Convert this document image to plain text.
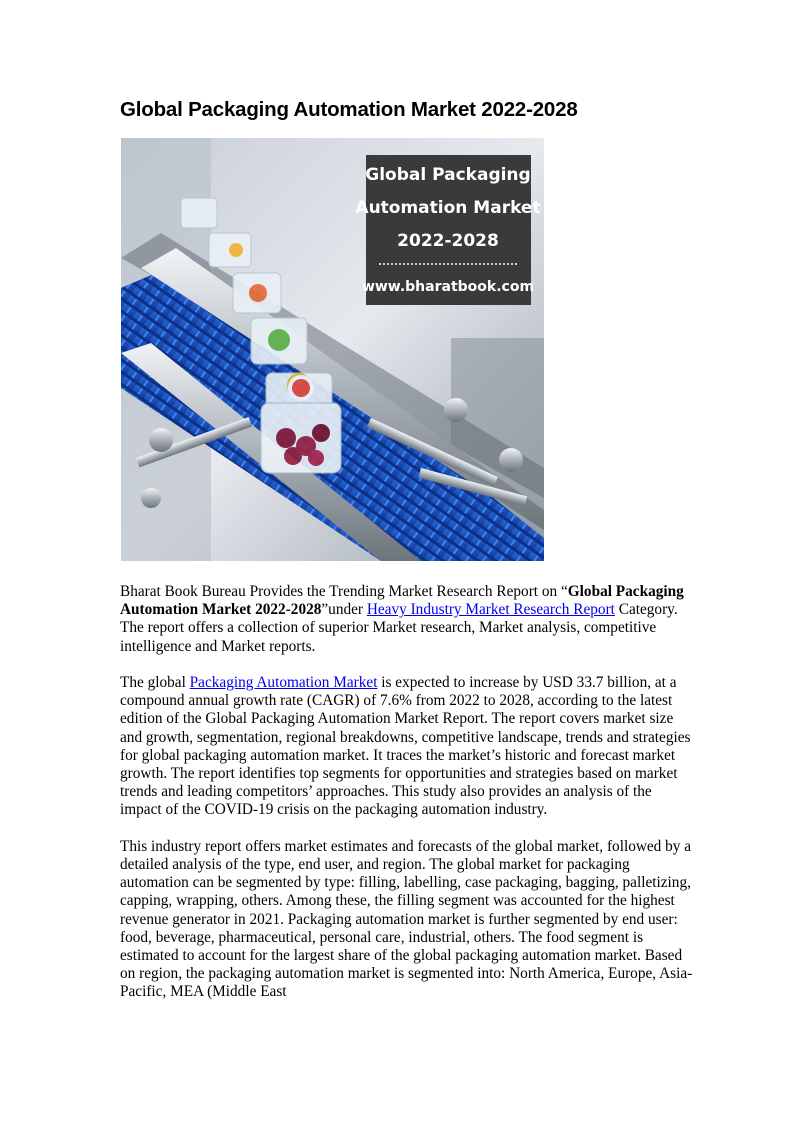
Global Packaging Automation Market 2022-2028
Global Packaging
Automation Market
2022-2028
www.bharatbook.com

Bharat Book Bureau Provides the Trending Market Research Report on “Global Packaging Automation Market 2022-2028”under Heavy Industry Market Research Report Category. The report offers a collection of superior Market research, Market analysis, competitive intelligence and Market reports.

The global Packaging Automation Market is expected to increase by USD 33.7 billion, at a compound annual growth rate (CAGR) of 7.6% from 2022 to 2028, according to the latest edition of the Global Packaging Automation Market Report. The report covers market size and growth, segmentation, regional breakdowns, competitive landscape, trends and strategies for global packaging automation market. It traces the market’s historic and forecast market growth. The report identifies top segments for opportunities and strategies based on market trends and leading competitors’ approaches. This study also provides an analysis of the impact of the COVID-19 crisis on the packaging automation industry.

This industry report offers market estimates and forecasts of the global market, followed by a detailed analysis of the type, end user, and region. The global market for packaging automation can be segmented by type: filling, labelling, case packaging, bagging, palletizing, capping, wrapping, others. Among these, the filling segment was accounted for the highest revenue generator in 2021. Packaging automation market is further segmented by end user: food, beverage, pharmaceutical, personal care, industrial, others. The food segment is estimated to account for the largest share of the global packaging automation market. Based on region, the packaging automation market is segmented into: North America, Europe, Asia-Pacific, MEA (Middle East
